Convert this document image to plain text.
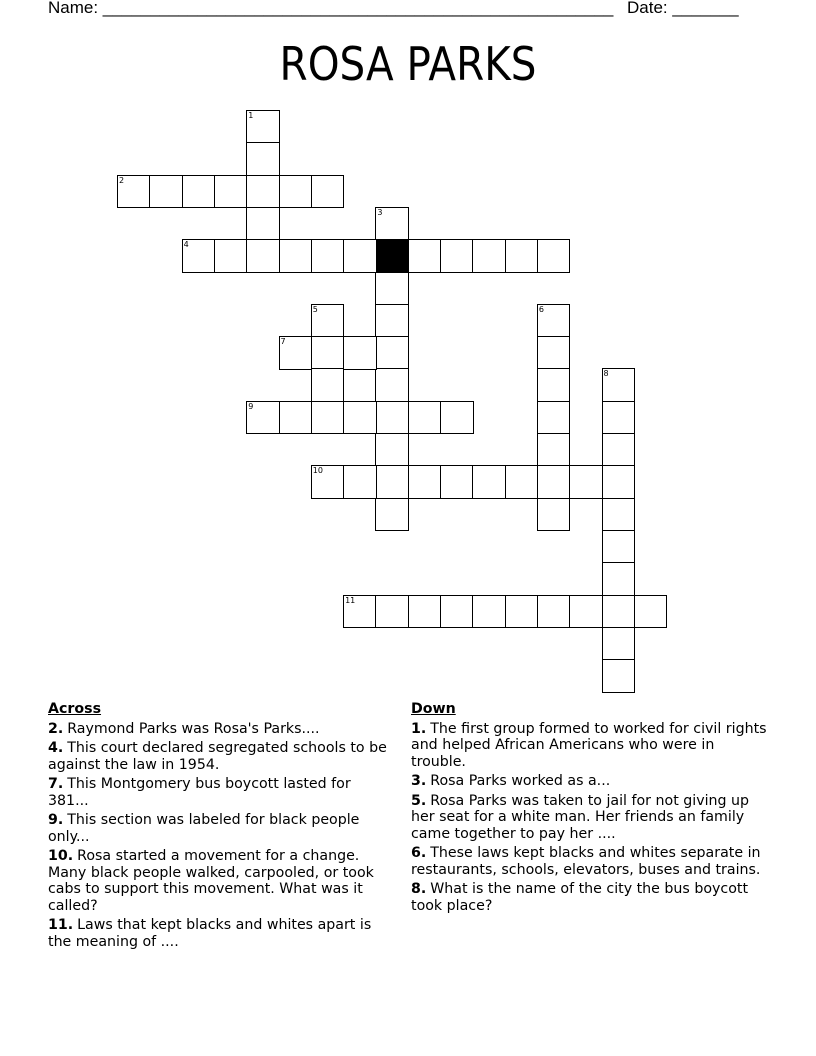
Name: ______________________________________________________ Date: _______
ROSA PARKS
1
2
3
4
5	6
7
8
9
10
11
Across
2. Raymond Parks was Rosa's Parks....
4. This court declared segregated schools to be against the law in 1954.
7. This Montgomery bus boycott lasted for 381...
9. This section was labeled for black people only...
10. Rosa started a movement for a change. Many black people walked, carpooled, or took cabs to support this movement. What was it called?
11. Laws that kept blacks and whites apart is the meaning of ....
Down
1. The first group formed to worked for civil rights and helped African Americans who were in trouble.
3. Rosa Parks worked as a...
5. Rosa Parks was taken to jail for not giving up her seat for a white man. Her friends an family came together to pay her ....
6. These laws kept blacks and whites separate in restaurants, schools, elevators, buses and trains.
8. What is the name of the city the bus boycott took place?
